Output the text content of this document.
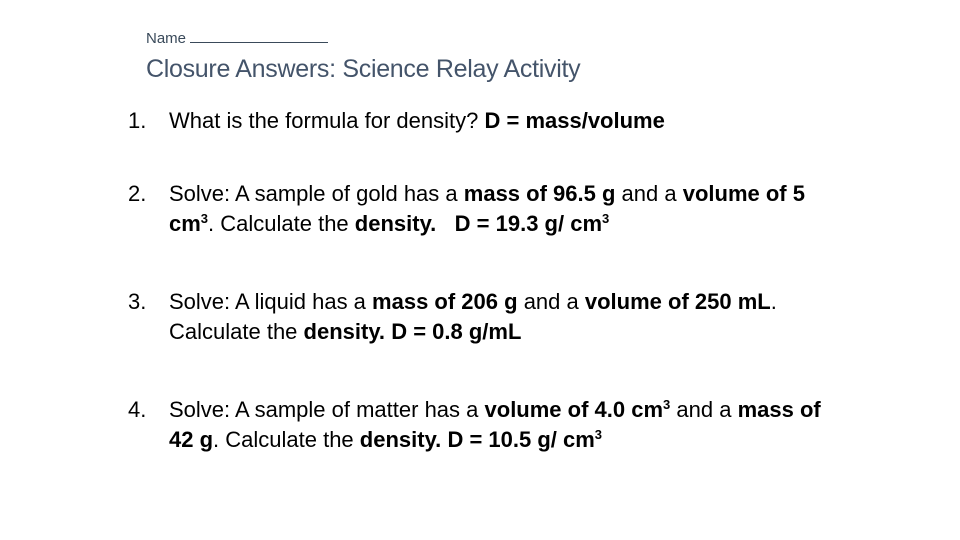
Name
Closure Answers: Science Relay Activity
1. What is the formula for density? D = mass/volume
2. Solve: A sample of gold has a mass of 96.5 g and a volume of 5 $cm^3$. Calculate the density. D = 19.3 g/ $cm^3$
3. Solve: A liquid has a mass of 206 g and a volume of 250 mL. Calculate the density. D = 0.8 g/mL
4. Solve: A sample of matter has a volume of 4.0 $cm^3$ and a mass of 42 g. Calculate the density. D = 10.5 g/ $cm^3$
